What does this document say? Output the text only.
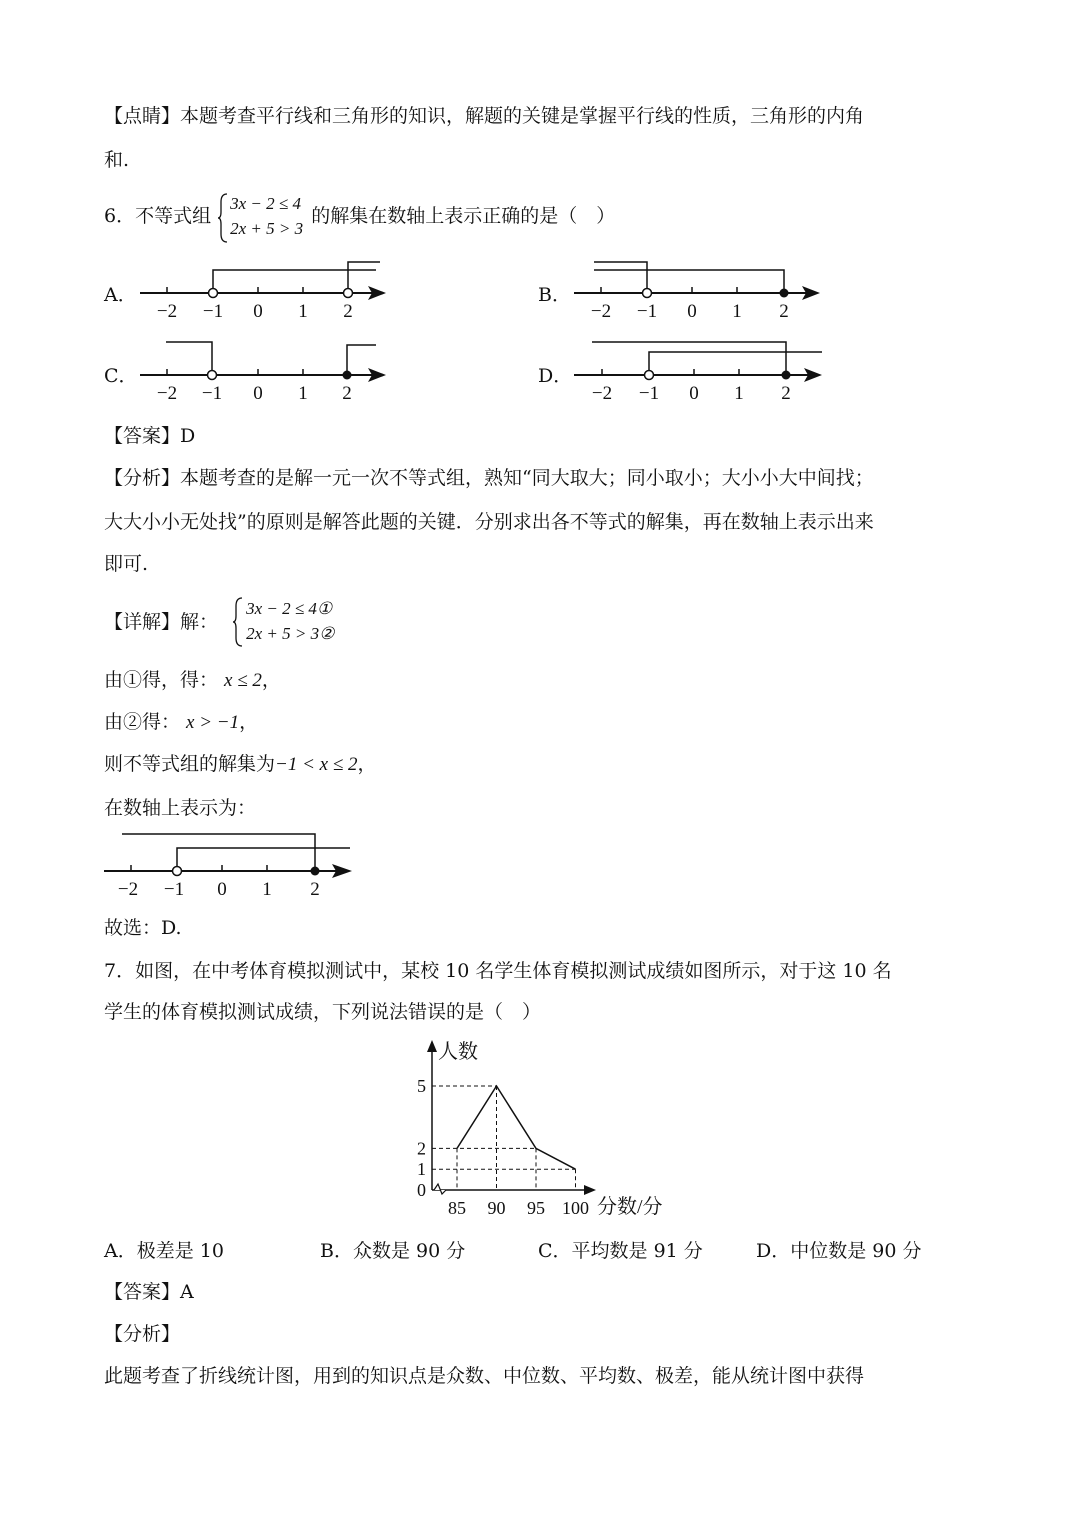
【点睛】本题考查平行线和三角形的知识，解题的关键是掌握平行线的性质，三角形的内角
和.
6．不等式组
3x − 2 ≤ 4
2x + 5 > 3
的解集在数轴上表示正确的是（　）
A．	B．
C．	D．
−2 −1 0 1 2	−2 −1 0 1 2
−2 −1 0 1 2	−2 −1 0 1 2
【答案】D
【分析】本题考查的是解一元一次不等式组，熟知“同大取大；同小取小；大小小大中间找；
大大小小无处找”的原则是解答此题的关键．分别求出各不等式的解集，再在数轴上表示出来
即可.
【详解】解：
3x − 2 ≤ 4①
2x + 5 > 3②
由①得，得： x ≤ 2，
由②得： x > −1，
则不等式组的解集为−1 < x ≤ 2，
在数轴上表示为：
−2 −1 0 1 2
故选：D.
7．如图，在中考体育模拟测试中，某校 10 名学生体育模拟测试成绩如图所示，对于这 10 名
学生的体育模拟测试成绩，下列说法错误的是（　）
人数
分数/分
0
1
2
5
85 90 95 100
A．极差是 10	B．众数是 90 分	C．平均数是 91 分	D．中位数是 90 分
【答案】A
【分析】
此题考查了折线统计图，用到的知识点是众数、中位数、平均数、极差，能从统计图中获得
